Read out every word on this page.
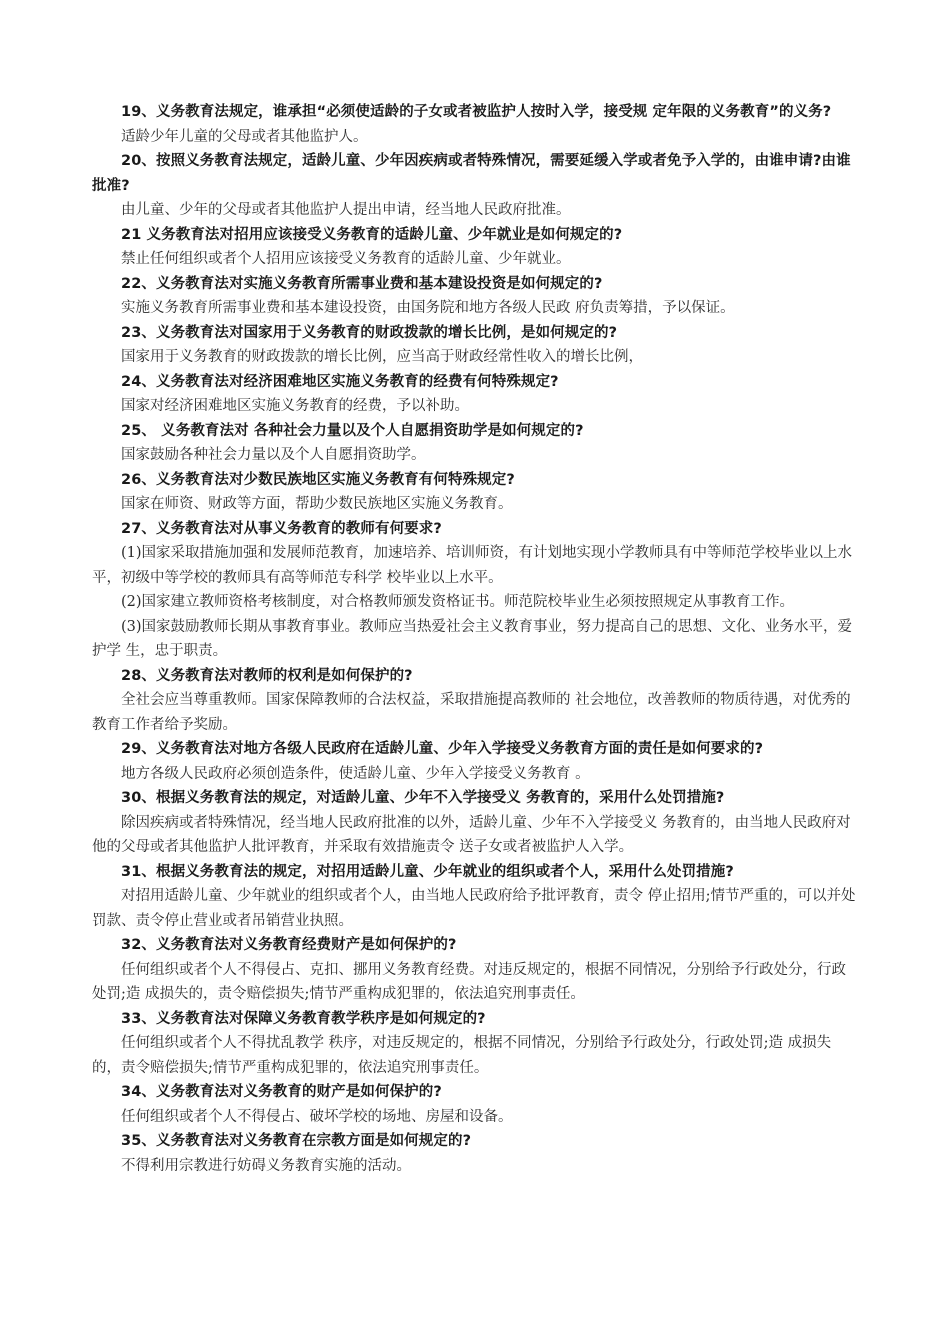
19、义务教育法规定，谁承担“必须使适龄的子女或者被监护人按时入学，接受规 定年限的义务教育”的义务?

适龄少年儿童的父母或者其他监护人。

20、按照义务教育法规定，适龄儿童、少年因疾病或者特殊情况，需要延缓入学或者免予入学的，由谁申请?由谁批准?

由儿童、少年的父母或者其他监护人提出申请，经当地人民政府批准。

21 义务教育法对招用应该接受义务教育的适龄儿童、少年就业是如何规定的?

禁止任何组织或者个人招用应该接受义务教育的适龄儿童、少年就业。

22、义务教育法对实施义务教育所需事业费和基本建设投资是如何规定的?

实施义务教育所需事业费和基本建设投资，由国务院和地方各级人民政 府负责筹措，予以保证。

23、义务教育法对国家用于义务教育的财政拨款的增长比例，是如何规定的?

国家用于义务教育的财政拨款的增长比例，应当高于财政经常性收入的增长比例，

24、义务教育法对经济困难地区实施义务教育的经费有何特殊规定?

国家对经济困难地区实施义务教育的经费，予以补助。

25、 义务教育法对 各种社会力量以及个人自愿捐资助学是如何规定的?

国家鼓励各种社会力量以及个人自愿捐资助学。

26、义务教育法对少数民族地区实施义务教育有何特殊规定?

国家在师资、财政等方面，帮助少数民族地区实施义务教育。

27、义务教育法对从事义务教育的教师有何要求?

(1)国家采取措施加强和发展师范教育，加速培养、培训师资，有计划地实现小学教师具有中等师范学校毕业以上水平，初级中等学校的教师具有高等师范专科学 校毕业以上水平。

(2)国家建立教师资格考核制度，对合格教师颁发资格证书。师范院校毕业生必须按照规定从事教育工作。

(3)国家鼓励教师长期从事教育事业。教师应当热爱社会主义教育事业，努力提高自己的思想、文化、业务水平，爱护学 生，忠于职责。

28、义务教育法对教师的权利是如何保护的?

全社会应当尊重教师。国家保障教师的合法权益，采取措施提高教师的 社会地位，改善教师的物质待遇，对优秀的教育工作者给予奖励。

29、义务教育法对地方各级人民政府在适龄儿童、少年入学接受义务教育方面的责任是如何要求的?

地方各级人民政府必须创造条件，使适龄儿童、少年入学接受义务教育 。

30、根据义务教育法的规定，对适龄儿童、少年不入学接受义 务教育的，采用什么处罚措施?

除因疾病或者特殊情况，经当地人民政府批准的以外，适龄儿童、少年不入学接受义 务教育的，由当地人民政府对他的父母或者其他监护人批评教育，并采取有效措施责令 送子女或者被监护人入学。

31、根据义务教育法的规定，对招用适龄儿童、少年就业的组织或者个人，采用什么处罚措施?

对招用适龄儿童、少年就业的组织或者个人，由当地人民政府给予批评教育，责令 停止招用;情节严重的，可以并处罚款、责令停止营业或者吊销营业执照。

32、义务教育法对义务教育经费财产是如何保护的?

任何组织或者个人不得侵占、克扣、挪用义务教育经费。对违反规定的，根据不同情况，分别给予行政处分，行政处罚;造 成损失的，责令赔偿损失;情节严重构成犯罪的，依法追究刑事责任。

33、义务教育法对保障义务教育教学秩序是如何规定的?

任何组织或者个人不得扰乱教学 秩序，对违反规定的，根据不同情况，分别给予行政处分，行政处罚;造 成损失的，责令赔偿损失;情节严重构成犯罪的，依法追究刑事责任。

34、义务教育法对义务教育的财产是如何保护的?

任何组织或者个人不得侵占、破坏学校的场地、房屋和设备。

35、义务教育法对义务教育在宗教方面是如何规定的?

不得利用宗教进行妨碍义务教育实施的活动。
